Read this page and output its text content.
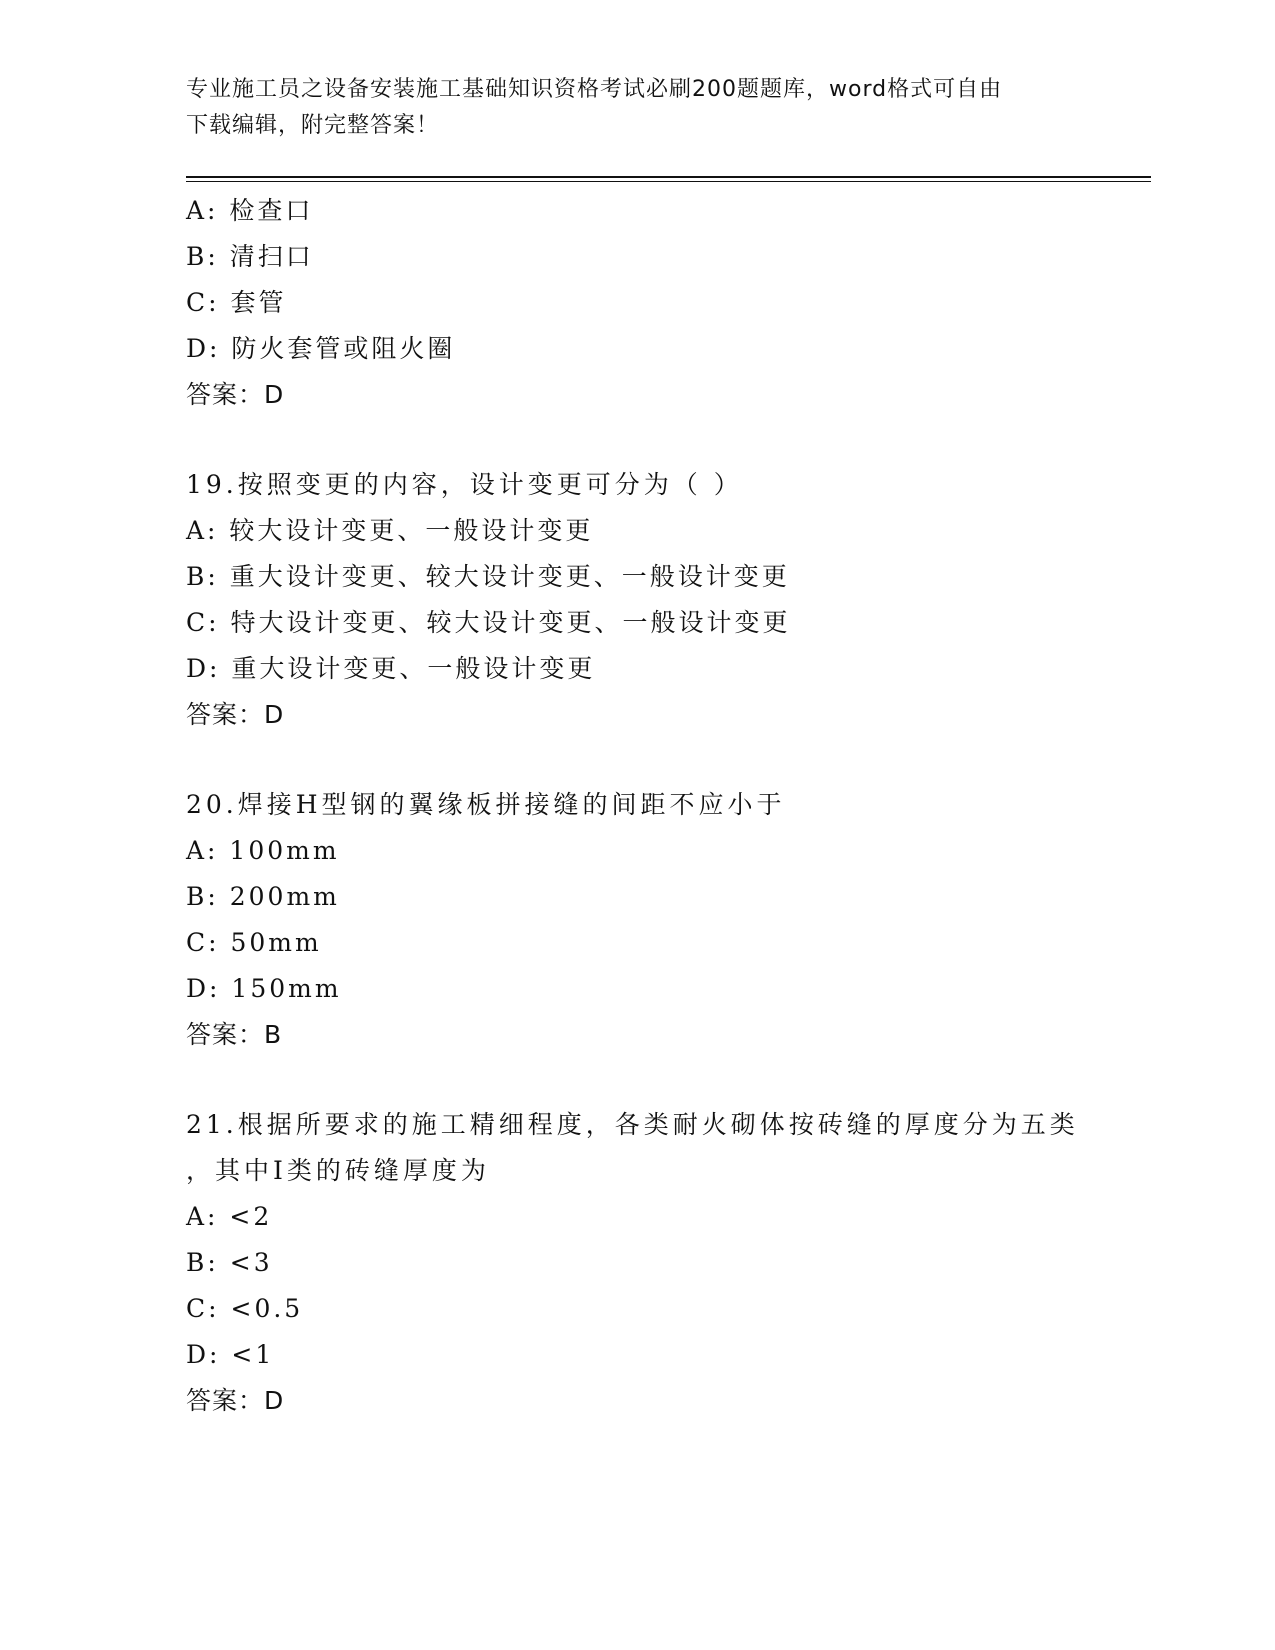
专业施工员之设备安装施工基础知识资格考试必刷200题题库，word格式可自由
下载编辑，附完整答案！
A: 检查口
B: 清扫口
C: 套管
D: 防火套管或阻火圈
答案：D
19.按照变更的内容，设计变更可分为（ ）
A: 较大设计变更、一般设计变更
B: 重大设计变更、较大设计变更、一般设计变更
C: 特大设计变更、较大设计变更、一般设计变更
D: 重大设计变更、一般设计变更
答案：D
20.焊接H型钢的翼缘板拼接缝的间距不应小于
A: 100mm
B: 200mm
C: 50mm
D: 150mm
答案：B
21.根据所要求的施工精细程度，各类耐火砌体按砖缝的厚度分为五类
，其中I类的砖缝厚度为
A: <2
B: <3
C: <0.5
D: <1
答案：D
